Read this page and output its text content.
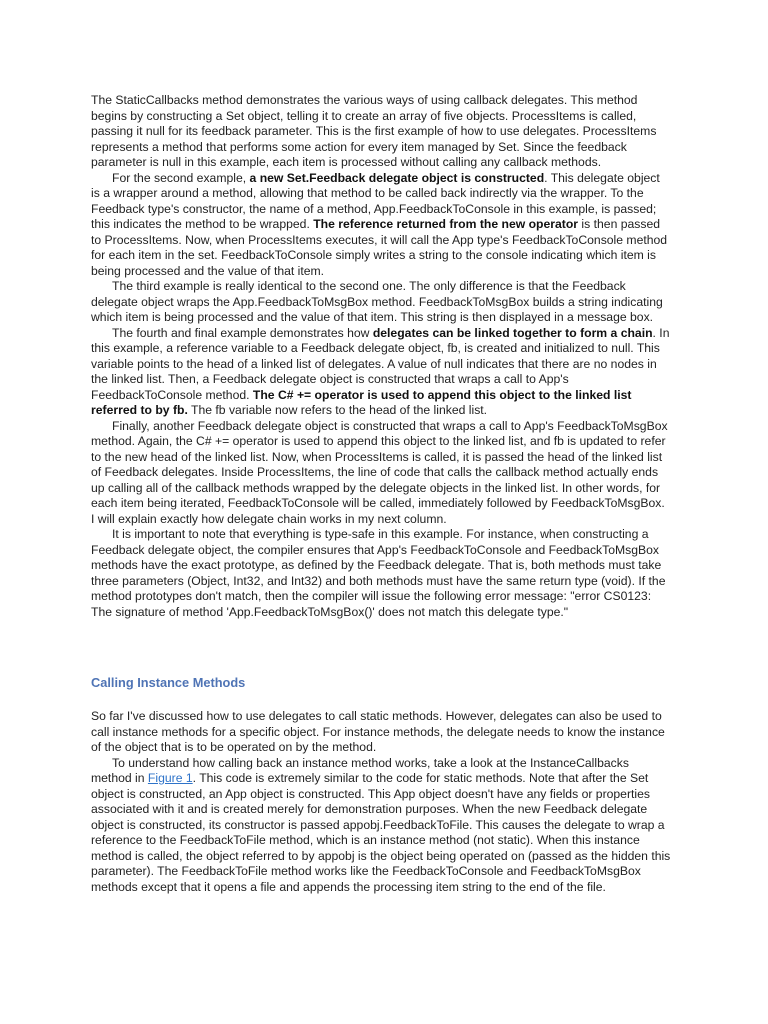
The StaticCallbacks method demonstrates the various ways of using callback delegates. This method begins by constructing a Set object, telling it to create an array of five objects. ProcessItems is called, passing it null for its feedback parameter. This is the first example of how to use delegates. ProcessItems represents a method that performs some action for every item managed by Set. Since the feedback parameter is null in this example, each item is processed without calling any callback methods.

For the second example, a new Set.Feedback delegate object is constructed. This delegate object is a wrapper around a method, allowing that method to be called back indirectly via the wrapper. To the Feedback type's constructor, the name of a method, App.FeedbackToConsole in this example, is passed; this indicates the method to be wrapped. The reference returned from the new operator is then passed to ProcessItems. Now, when ProcessItems executes, it will call the App type's FeedbackToConsole method for each item in the set. FeedbackToConsole simply writes a string to the console indicating which item is being processed and the value of that item.

The third example is really identical to the second one. The only difference is that the Feedback delegate object wraps the App.FeedbackToMsgBox method. FeedbackToMsgBox builds a string indicating which item is being processed and the value of that item. This string is then displayed in a message box.

The fourth and final example demonstrates how delegates can be linked together to form a chain. In this example, a reference variable to a Feedback delegate object, fb, is created and initialized to null. This variable points to the head of a linked list of delegates. A value of null indicates that there are no nodes in the linked list. Then, a Feedback delegate object is constructed that wraps a call to App's FeedbackToConsole method. The C# += operator is used to append this object to the linked list referred to by fb. The fb variable now refers to the head of the linked list.

Finally, another Feedback delegate object is constructed that wraps a call to App's FeedbackToMsgBox method. Again, the C# += operator is used to append this object to the linked list, and fb is updated to refer to the new head of the linked list. Now, when ProcessItems is called, it is passed the head of the linked list of Feedback delegates. Inside ProcessItems, the line of code that calls the callback method actually ends up calling all of the callback methods wrapped by the delegate objects in the linked list. In other words, for each item being iterated, FeedbackToConsole will be called, immediately followed by FeedbackToMsgBox. I will explain exactly how delegate chain works in my next column.

It is important to note that everything is type-safe in this example. For instance, when constructing a Feedback delegate object, the compiler ensures that App's FeedbackToConsole and FeedbackToMsgBox methods have the exact prototype, as defined by the Feedback delegate. That is, both methods must take three parameters (Object, Int32, and Int32) and both methods must have the same return type (void). If the method prototypes don't match, then the compiler will issue the following error message: "error CS0123: The signature of method 'App.FeedbackToMsgBox()' does not match this delegate type."

Calling Instance Methods

So far I've discussed how to use delegates to call static methods. However, delegates can also be used to call instance methods for a specific object. For instance methods, the delegate needs to know the instance of the object that is to be operated on by the method.

To understand how calling back an instance method works, take a look at the InstanceCallbacks method in Figure 1. This code is extremely similar to the code for static methods. Note that after the Set object is constructed, an App object is constructed. This App object doesn't have any fields or properties associated with it and is created merely for demonstration purposes. When the new Feedback delegate object is constructed, its constructor is passed appobj.FeedbackToFile. This causes the delegate to wrap a reference to the FeedbackToFile method, which is an instance method (not static). When this instance method is called, the object referred to by appobj is the object being operated on (passed as the hidden this parameter). The FeedbackToFile method works like the FeedbackToConsole and FeedbackToMsgBox methods except that it opens a file and appends the processing item string to the end of the file.
